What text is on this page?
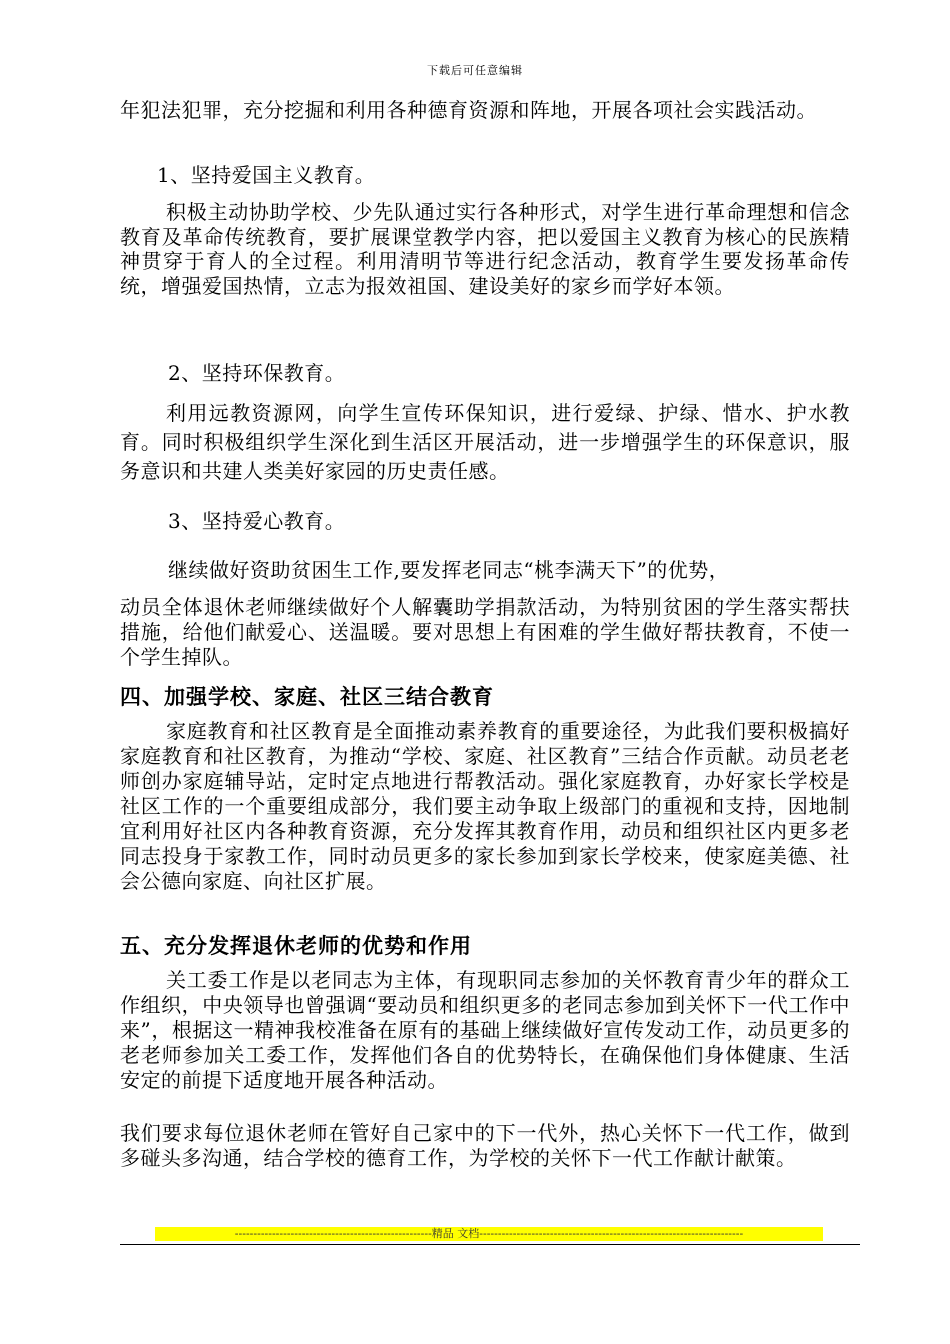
下载后可任意编辑

年犯法犯罪，充分挖掘和利用各种德育资源和阵地，开展各项社会实践活动。

1、坚持爱国主义教育。

积极主动协助学校、少先队通过实行各种形式，对学生进行革命理想和信念教育及革命传统教育，要扩展课堂教学内容，把以爱国主义教育为核心的民族精神贯穿于育人的全过程。利用清明节等进行纪念活动，教育学生要发扬革命传统，增强爱国热情，立志为报效祖国、建设美好的家乡而学好本领。

2、坚持环保教育。

利用远教资源网，向学生宣传环保知识，进行爱绿、护绿、惜水、护水教育。同时积极组织学生深化到生活区开展活动，进一步增强学生的环保意识，服务意识和共建人类美好家园的历史责任感。

3、坚持爱心教育。

继续做好资助贫困生工作,要发挥老同志“桃李满天下”的优势，

动员全体退休老师继续做好个人解囊助学捐款活动，为特别贫困的学生落实帮扶措施，给他们献爱心、送温暖。要对思想上有困难的学生做好帮扶教育，不使一个学生掉队。

四、加强学校、家庭、社区三结合教育

家庭教育和社区教育是全面推动素养教育的重要途径，为此我们要积极搞好家庭教育和社区教育，为推动“学校、家庭、社区教育”三结合作贡献。动员老老师创办家庭辅导站，定时定点地进行帮教活动。强化家庭教育，办好家长学校是社区工作的一个重要组成部分，我们要主动争取上级部门的重视和支持，因地制宜利用好社区内各种教育资源，充分发挥其教育作用，动员和组织社区内更多老同志投身于家教工作，同时动员更多的家长参加到家长学校来，使家庭美德、社会公德向家庭、向社区扩展。

五、充分发挥退休老师的优势和作用

关工委工作是以老同志为主体，有现职同志参加的关怀教育青少年的群众工作组织，中央领导也曾强调“要动员和组织更多的老同志参加到关怀下一代工作中来”，根据这一精神我校准备在原有的基础上继续做好宣传发动工作，动员更多的老老师参加关工委工作，发挥他们各自的优势特长，在确保他们身体健康、生活安定的前提下适度地开展各种活动。

我们要求每位退休老师在管好自己家中的下一代外，热心关怀下一代工作，做到多碰头多沟通，结合学校的德育工作，为学校的关怀下一代工作献计献策。

-----------------------------------------------------精品 文档-----------------------------------------------------------------------
